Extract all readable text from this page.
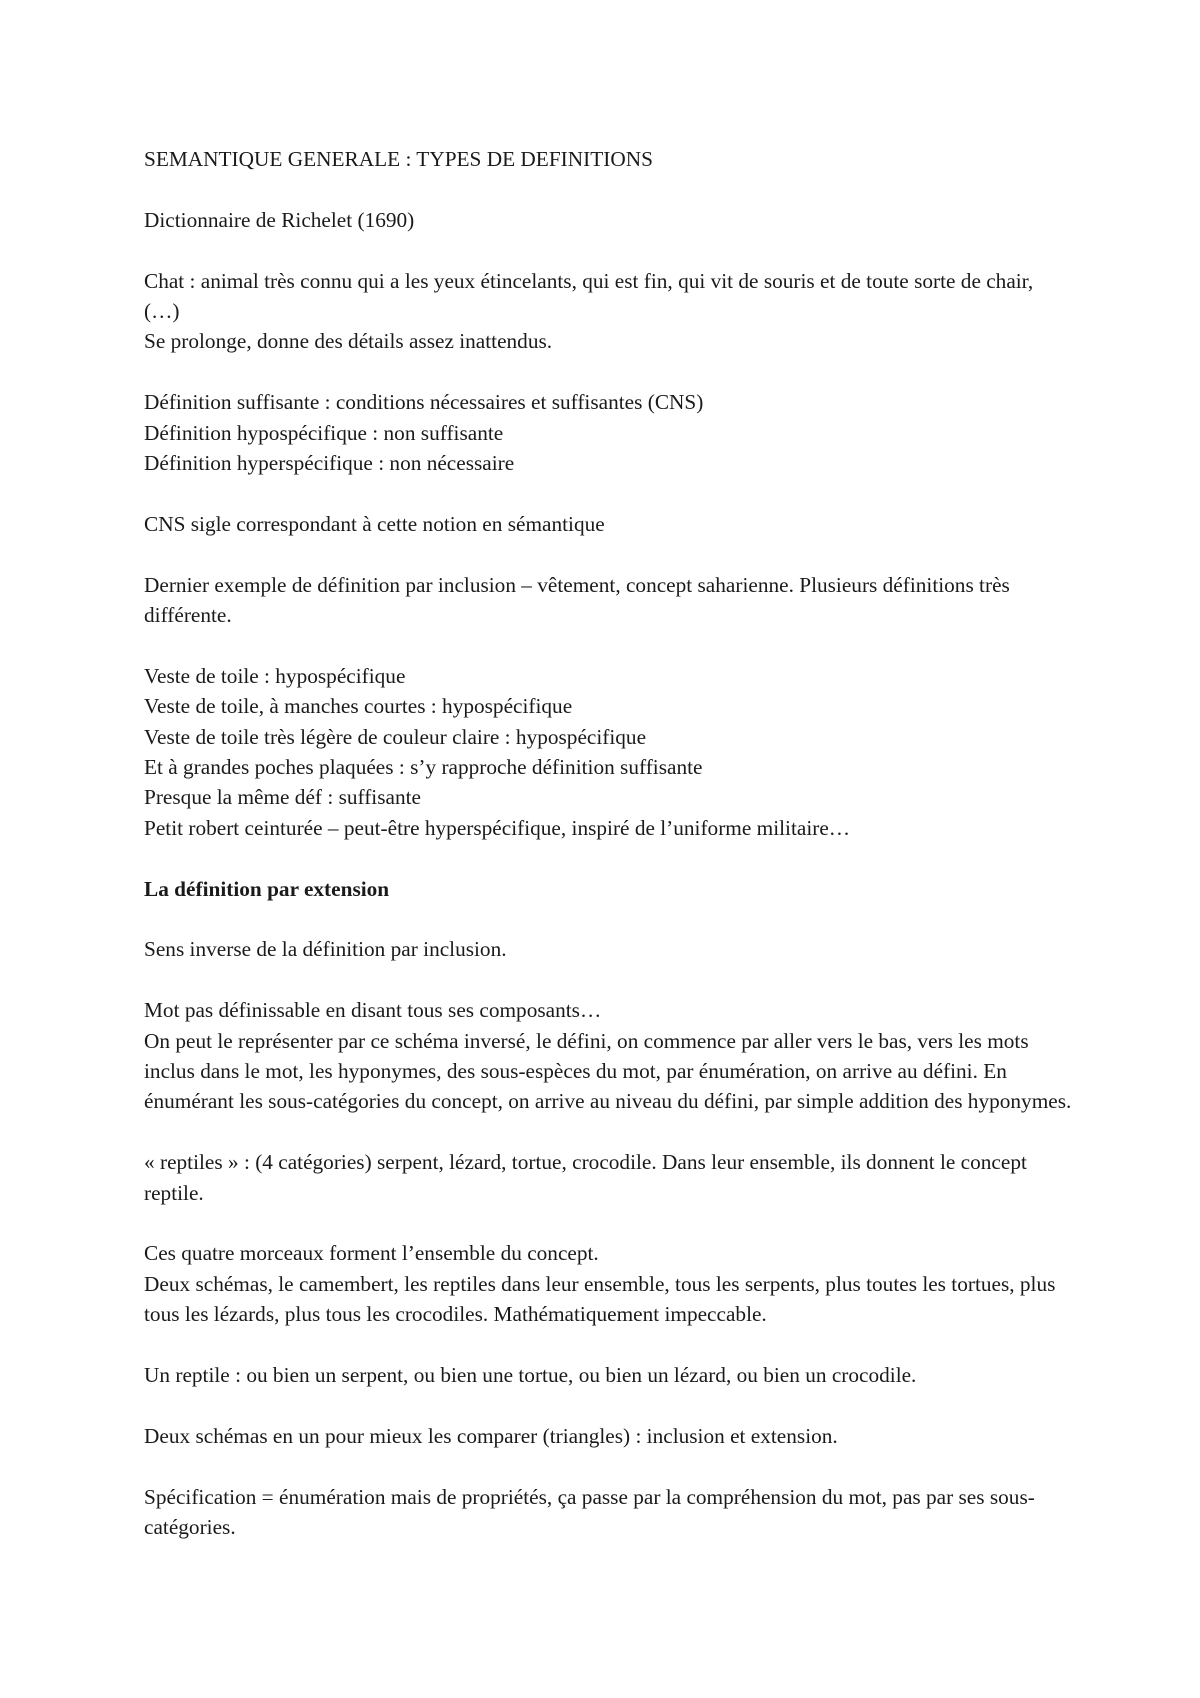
SEMANTIQUE GENERALE : TYPES DE DEFINITIONS

Dictionnaire de Richelet (1690)

Chat : animal très connu qui a les yeux étincelants, qui est fin, qui vit de souris et de toute sorte de chair, (…)
Se prolonge, donne des détails assez inattendus.

Définition suffisante : conditions nécessaires et suffisantes (CNS)
Définition hypospécifique : non suffisante
Définition hyperspécifique : non nécessaire

CNS sigle correspondant à cette notion en sémantique

Dernier exemple de définition par inclusion – vêtement, concept saharienne. Plusieurs définitions très différente.

Veste de toile : hypospécifique
Veste de toile, à manches courtes : hypospécifique
Veste de toile très légère de couleur claire : hypospécifique
Et à grandes poches plaquées : s’y rapproche définition suffisante
Presque la même déf : suffisante
Petit robert ceinturée – peut-être hyperspécifique, inspiré de l’uniforme militaire…

La définition par extension

Sens inverse de la définition par inclusion.

Mot pas définissable en disant tous ses composants…
On peut le représenter par ce schéma inversé, le défini, on commence par aller vers le bas, vers les mots inclus dans le mot, les hyponymes, des sous-espèces du mot, par énumération, on arrive au défini. En énumérant les sous-catégories du concept, on arrive au niveau du défini, par simple addition des hyponymes.

« reptiles » : (4 catégories) serpent, lézard, tortue, crocodile. Dans leur ensemble, ils donnent le concept reptile.

Ces quatre morceaux forment l’ensemble du concept.
Deux schémas, le camembert, les reptiles dans leur ensemble, tous les serpents, plus toutes les tortues, plus tous les lézards, plus tous les crocodiles. Mathématiquement impeccable.

Un reptile : ou bien un serpent, ou bien une tortue, ou bien un lézard, ou bien un crocodile.

Deux schémas en un pour mieux les comparer (triangles) : inclusion et extension.

Spécification = énumération mais de propriétés, ça passe par la compréhension du mot, pas par ses sous-catégories.
